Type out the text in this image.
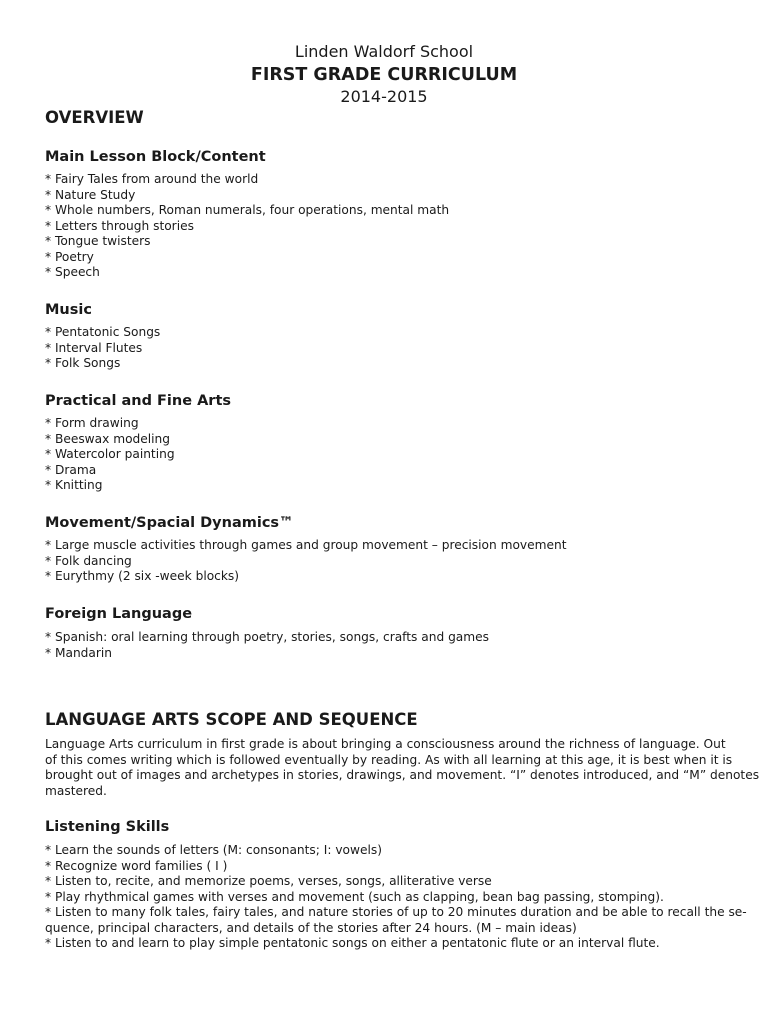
Linden Waldorf School
FIRST GRADE CURRICULUM
2014-2015
OVERVIEW
Main Lesson Block/Content
* Fairy Tales from around the world
* Nature Study
* Whole numbers, Roman numerals, four operations, mental math
* Letters through stories
* Tongue twisters
* Poetry
* Speech
Music
* Pentatonic Songs
* Interval Flutes
* Folk Songs
Practical and Fine Arts
* Form drawing
* Beeswax modeling
* Watercolor painting
* Drama
* Knitting
Movement/Spacial Dynamics™
* Large muscle activities through games and group movement – precision movement
* Folk dancing
* Eurythmy (2 six -week blocks)
Foreign Language
* Spanish: oral learning through poetry, stories, songs, crafts and games
* Mandarin
LANGUAGE ARTS SCOPE AND SEQUENCE

Language Arts curriculum in first grade is about bringing a consciousness around the richness of language. Out
of this comes writing which is followed eventually by reading. As with all learning at this age, it is best when it is
brought out of images and archetypes in stories, drawings, and movement. “I” denotes introduced, and “M” denotes
mastered.

Listening Skills
* Learn the sounds of letters (M: consonants; I: vowels)
* Recognize word families ( I )
* Listen to, recite, and memorize poems, verses, songs, alliterative verse
* Play rhythmical games with verses and movement (such as clapping, bean bag passing, stomping).
* Listen to many folk tales, fairy tales, and nature stories of up to 20 minutes duration and be able to recall the se-
quence, principal characters, and details of the stories after 24 hours. (M – main ideas)
* Listen to and learn to play simple pentatonic songs on either a pentatonic flute or an interval flute.
